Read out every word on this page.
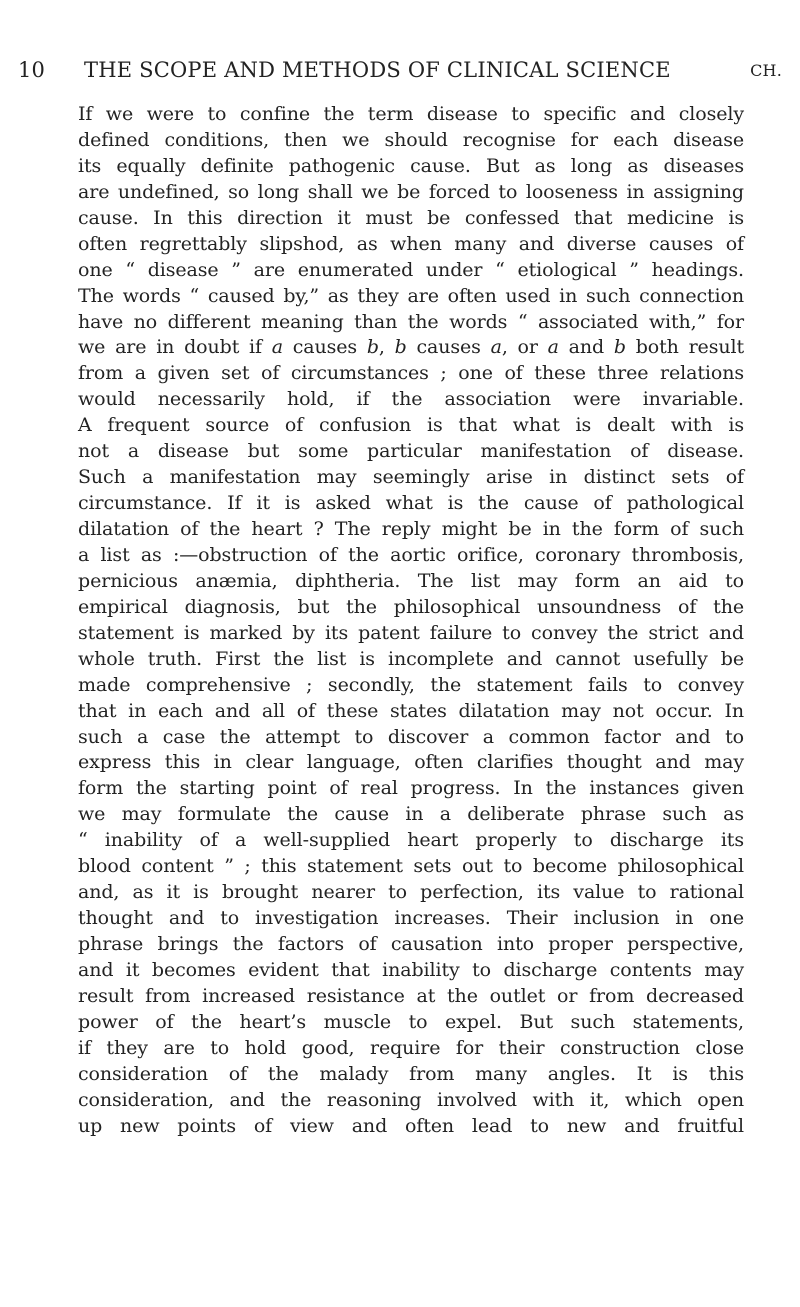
10 THE SCOPE AND METHODS OF CLINICAL SCIENCE	CH.
If we were to confine the term disease to specific and closely
defined conditions, then we should recognise for each disease
its equally definite pathogenic cause. But as long as diseases
are undefined, so long shall we be forced to looseness in assigning
cause. In this direction it must be confessed that medicine is
often regrettably slipshod, as when many and diverse causes of
one “ disease ” are enumerated under “ etiological ” headings.
The words “ caused by,” as they are often used in such connection
have no different meaning than the words “ associated with,” for
we are in doubt if a causes b, b causes a, or a and b both result
from a given set of circumstances ; one of these three relations
would necessarily hold, if the association were invariable.
A frequent source of confusion is that what is dealt with is
not a disease but some particular manifestation of disease.
Such a manifestation may seemingly arise in distinct sets of
circumstance. If it is asked what is the cause of pathological
dilatation of the heart ? The reply might be in the form of such
a list as :—obstruction of the aortic orifice, coronary thrombosis,
pernicious anæmia, diphtheria. The list may form an aid to
empirical diagnosis, but the philosophical unsoundness of the
statement is marked by its patent failure to convey the strict and
whole truth. First the list is incomplete and cannot usefully be
made comprehensive ; secondly, the statement fails to convey
that in each and all of these states dilatation may not occur. In
such a case the attempt to discover a common factor and to
express this in clear language, often clarifies thought and may
form the starting point of real progress. In the instances given
we may formulate the cause in a deliberate phrase such as
“ inability of a well-supplied heart properly to discharge its
blood content ” ; this statement sets out to become philosophical
and, as it is brought nearer to perfection, its value to rational
thought and to investigation increases. Their inclusion in one
phrase brings the factors of causation into proper perspective,
and it becomes evident that inability to discharge contents may
result from increased resistance at the outlet or from decreased
power of the heart’s muscle to expel. But such statements,
if they are to hold good, require for their construction close
consideration of the malady from many angles. It is this
consideration, and the reasoning involved with it, which open
up new points of view and often lead to new and fruitful
